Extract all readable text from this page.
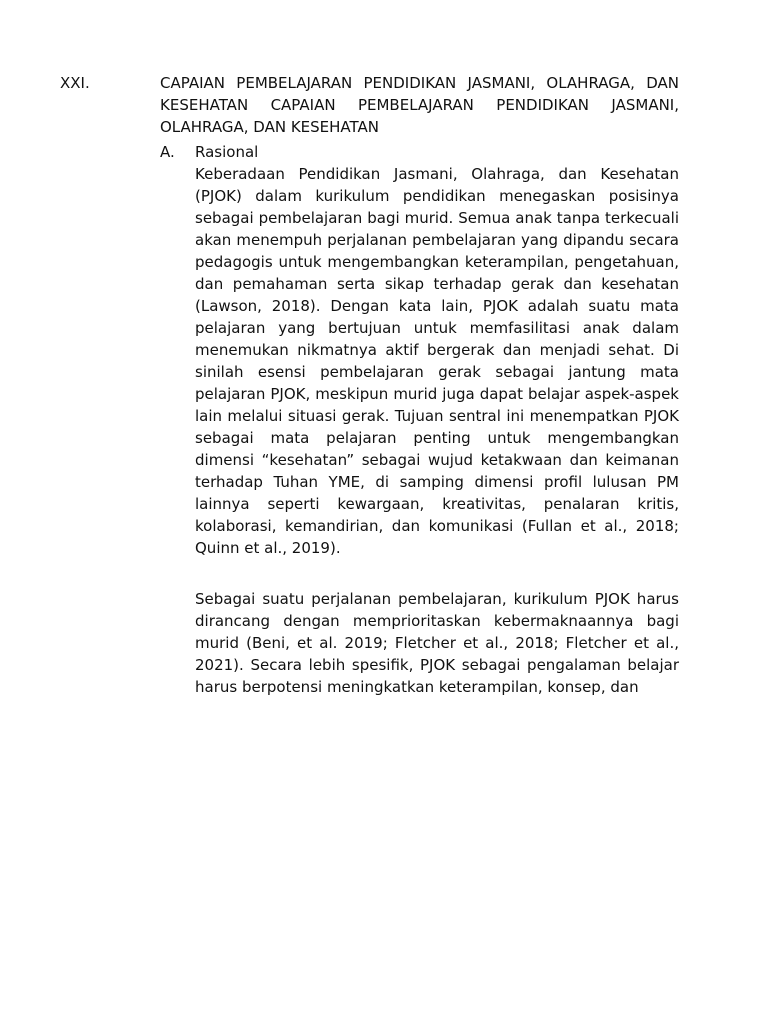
XXI.	CAPAIAN PEMBELAJARAN PENDIDIKAN JASMANI, OLAHRAGA, DAN KESEHATAN CAPAIAN PEMBELAJARAN PENDIDIKAN JASMANI, OLAHRAGA, DAN KESEHATAN
A. Rasional

Keberadaan Pendidikan Jasmani, Olahraga, dan Kesehatan (PJOK) dalam kurikulum pendidikan menegaskan posisinya sebagai pembelajaran bagi murid. Semua anak tanpa terkecuali akan menempuh perjalanan pembelajaran yang dipandu secara pedagogis untuk mengembangkan keterampilan, pengetahuan, dan pemahaman serta sikap terhadap gerak dan kesehatan (Lawson, 2018). Dengan kata lain, PJOK adalah suatu mata pelajaran yang bertujuan untuk memfasilitasi anak dalam menemukan nikmatnya aktif bergerak dan menjadi sehat. Di sinilah esensi pembelajaran gerak sebagai jantung mata pelajaran PJOK, meskipun murid juga dapat belajar aspek-aspek lain melalui situasi gerak. Tujuan sentral ini menempatkan PJOK sebagai mata pelajaran penting untuk mengembangkan dimensi “kesehatan” sebagai wujud ketakwaan dan keimanan terhadap Tuhan YME, di samping dimensi profil lulusan PM lainnya seperti kewargaan, kreativitas, penalaran kritis, kolaborasi, kemandirian, dan komunikasi (Fullan et al., 2018; Quinn et al., 2019).

Sebagai suatu perjalanan pembelajaran, kurikulum PJOK harus dirancang dengan memprioritaskan kebermaknaannya bagi murid (Beni, et al. 2019; Fletcher et al., 2018; Fletcher et al., 2021). Secara lebih spesifik, PJOK sebagai pengalaman belajar harus berpotensi meningkatkan keterampilan, konsep, dan
